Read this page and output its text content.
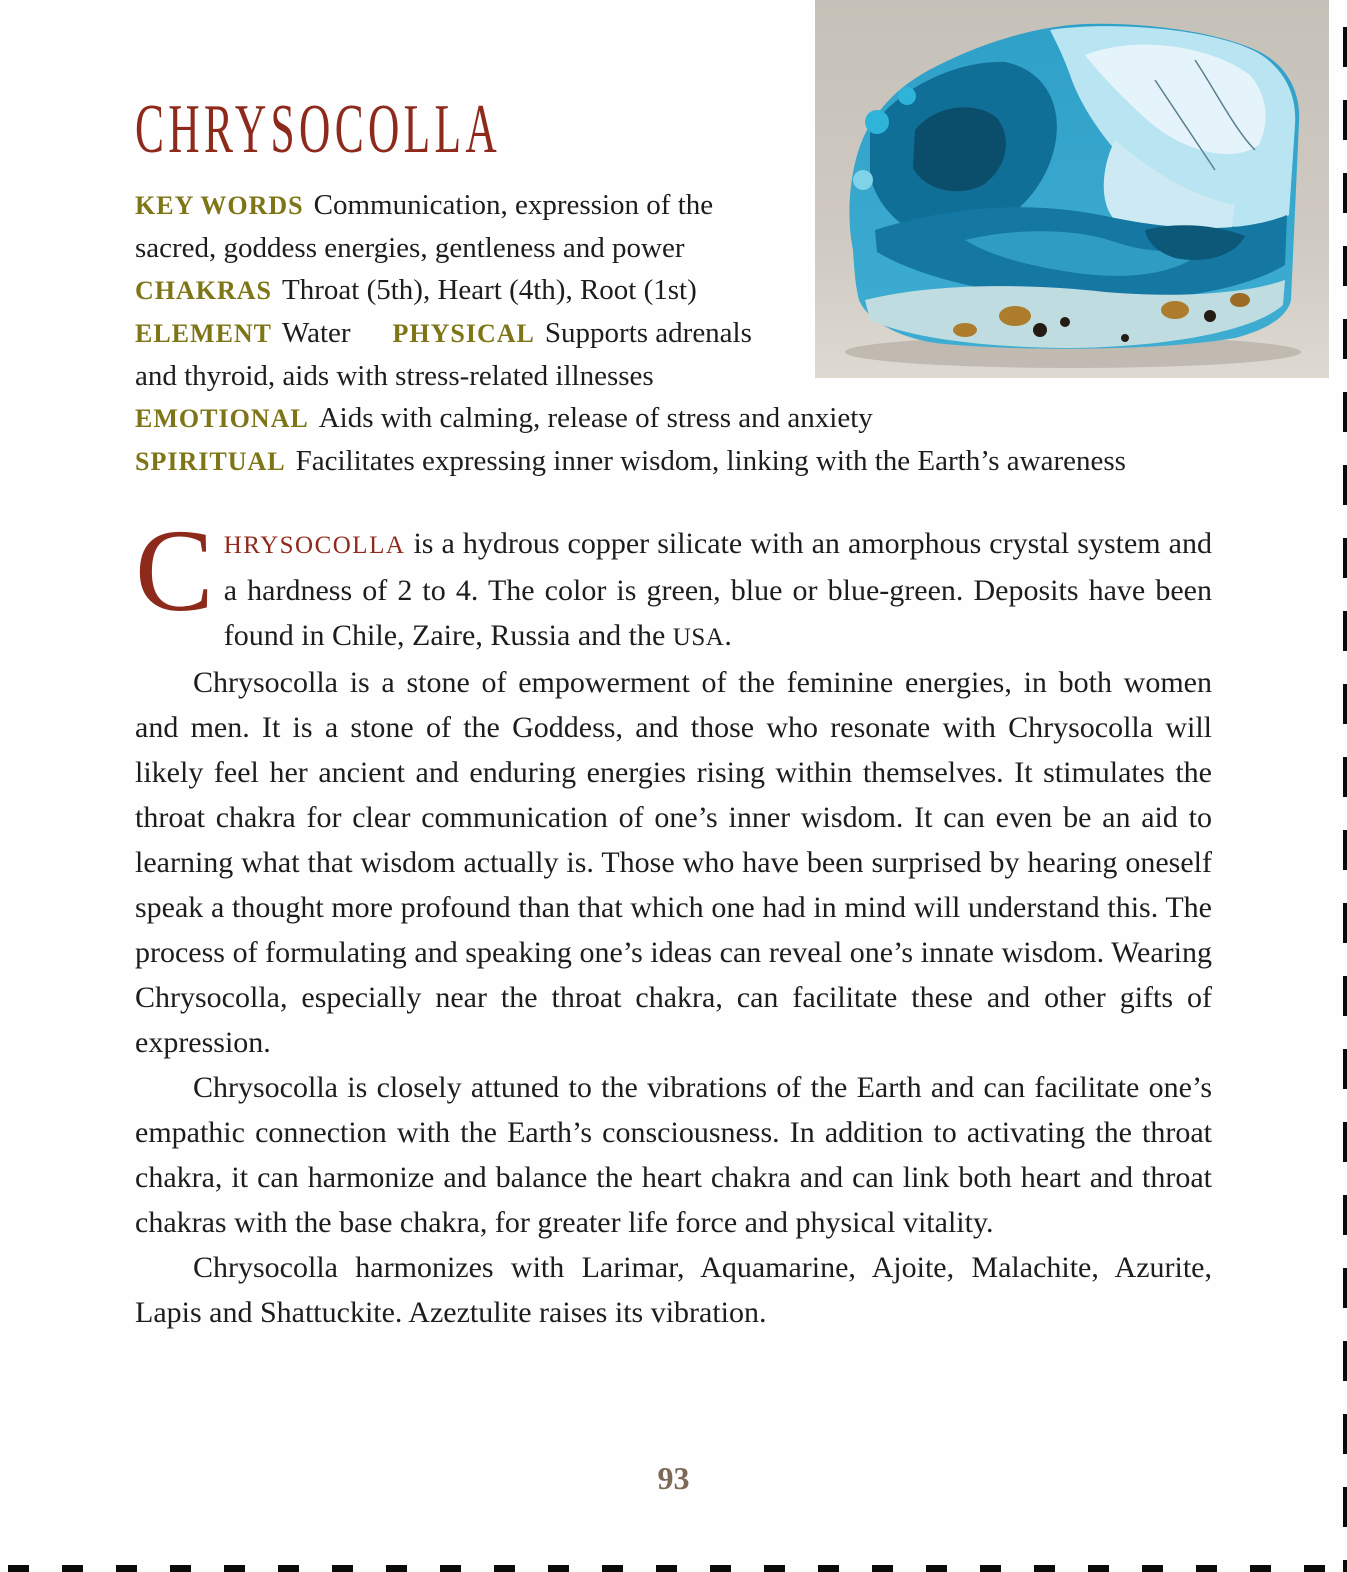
CHRYSOCOLLA
KEY WORDS Communication, expression of the sacred, goddess energies, gentleness and power
CHAKRAS Throat (5th), Heart (4th), Root (1st)
ELEMENT Water PHYSICAL Supports adrenals and thyroid, aids with stress-related illnesses
EMOTIONAL Aids with calming, release of stress and anxiety
SPIRITUAL Facilitates expressing inner wisdom, linking with the Earth’s awareness

CHRYSOCOLLA is a hydrous copper silicate with an amorphous crystal system and a hardness of 2 to 4. The color is green, blue or blue-green. Deposits have been found in Chile, Zaire, Russia and the USA.

Chrysocolla is a stone of empowerment of the feminine energies, in both women and men. It is a stone of the Goddess, and those who resonate with Chrysocolla will likely feel her ancient and enduring energies rising within themselves. It stimulates the throat chakra for clear communication of one’s inner wisdom. It can even be an aid to learning what that wisdom actually is. Those who have been surprised by hearing oneself speak a thought more profound than that which one had in mind will understand this. The process of formulating and speaking one’s ideas can reveal one’s innate wisdom. Wearing Chrysocolla, especially near the throat chakra, can facilitate these and other gifts of expression.

Chrysocolla is closely attuned to the vibrations of the Earth and can facilitate one’s empathic connection with the Earth’s consciousness. In addition to activating the throat chakra, it can harmonize and balance the heart chakra and can link both heart and throat chakras with the base chakra, for greater life force and physical vitality.

Chrysocolla harmonizes with Larimar, Aquamarine, Ajoite, Malachite, Azurite, Lapis and Shattuckite. Azeztulite raises its vibration.

93
